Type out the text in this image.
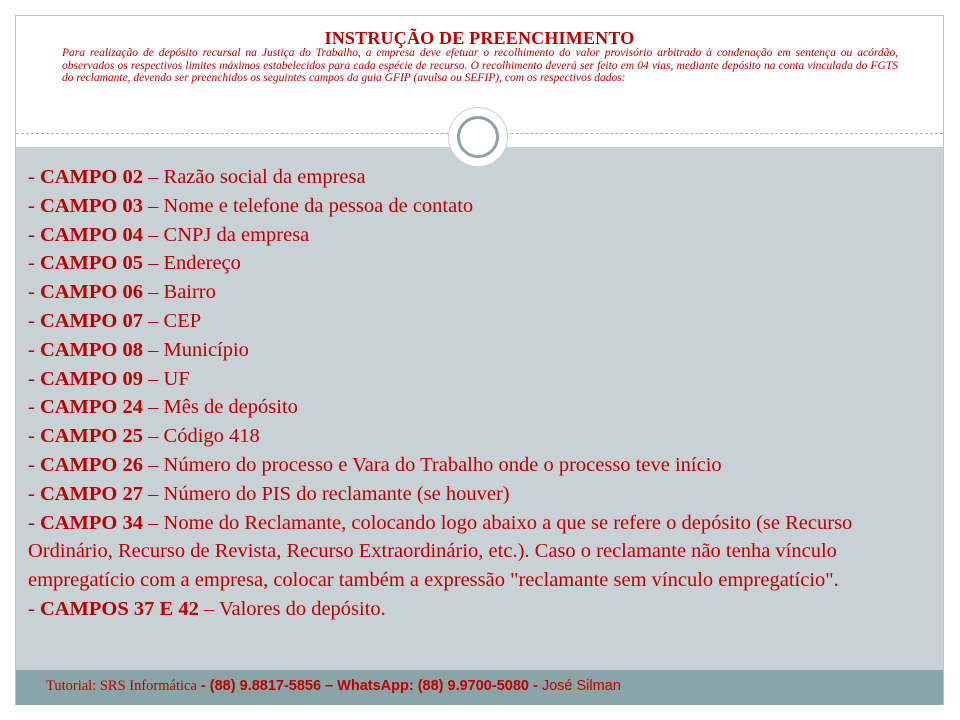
INSTRUÇÃO DE PREENCHIMENTO
Para realização de depósito recursal na Justiça do Trabalho, a empresa deve efetuar o recolhimento do valor provisório arbitrado à condenação em sentença ou acórdão, observados os respectivos limites máximos estabelecidos para cada espécie de recurso. O recolhimento deverá ser feito em 04 vias, mediante depósito na conta vinculada do FGTS do reclamante, devendo ser preenchidos os seguintes campos da guia GFIP (avulsa ou SEFIP), com os respectivos dados:
- CAMPO 02 – Razão social da empresa
- CAMPO 03 – Nome e telefone da pessoa de contato
- CAMPO 04 – CNPJ da empresa
- CAMPO 05 – Endereço
- CAMPO 06 – Bairro
- CAMPO 07 – CEP
- CAMPO 08 – Município
- CAMPO 09 – UF
- CAMPO 24 – Mês de depósito
- CAMPO 25 – Código 418
- CAMPO 26 – Número do processo e Vara do Trabalho onde o processo teve início
- CAMPO 27 – Número do PIS do reclamante (se houver)
- CAMPO 34 – Nome do Reclamante, colocando logo abaixo a que se refere o depósito (se Recurso Ordinário, Recurso de Revista, Recurso Extraordinário, etc.). Caso o reclamante não tenha vínculo empregatício com a empresa, colocar também a expressão "reclamante sem vínculo empregatício".
- CAMPOS 37 E 42 – Valores do depósito.
Tutorial: SRS Informática - (88) 9.8817-5856 – WhatsApp: (88) 9.9700-5080 - José Silman
